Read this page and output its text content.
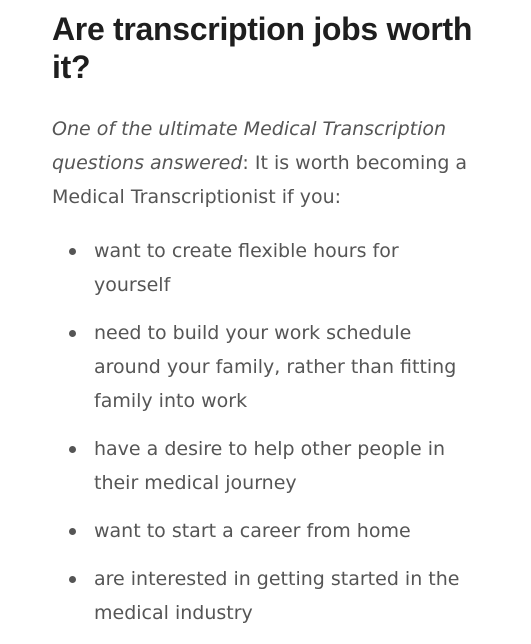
Are transcription jobs worth it?

One of the ultimate Medical Transcription questions answered: It is worth becoming a Medical Transcriptionist if you:

want to create flexible hours for yourself
need to build your work schedule around your family, rather than fitting family into work
have a desire to help other people in their medical journey
want to start a career from home
are interested in getting started in the medical industry
